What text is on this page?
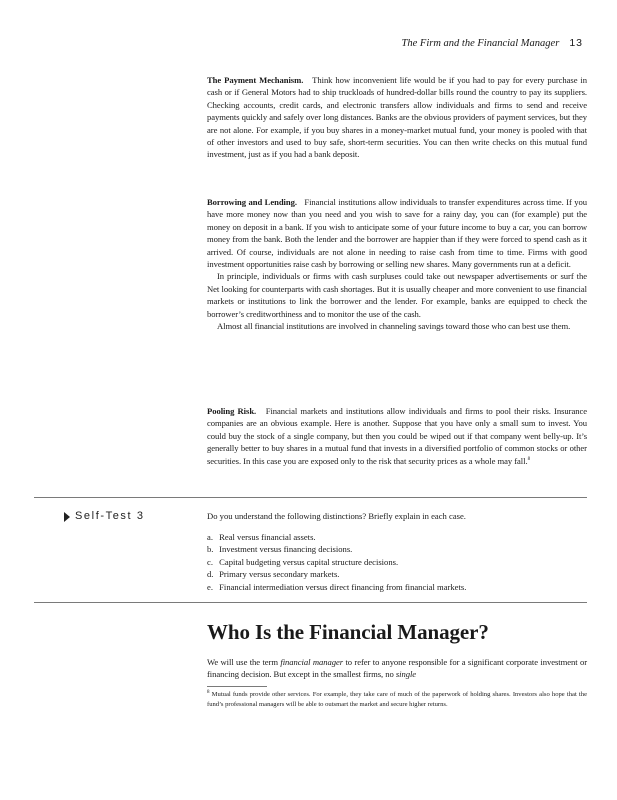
The Firm and the Financial Manager 13

The Payment Mechanism. Think how inconvenient life would be if you had to pay for every purchase in cash or if General Motors had to ship truckloads of hundred-dollar bills round the country to pay its suppliers. Checking accounts, credit cards, and electronic transfers allow individuals and firms to send and receive payments quickly and safely over long distances. Banks are the obvious providers of payment services, but they are not alone. For example, if you buy shares in a money-market mutual fund, your money is pooled with that of other investors and used to buy safe, short-term securities. You can then write checks on this mutual fund investment, just as if you had a bank deposit.

Borrowing and Lending. Financial institutions allow individuals to transfer expenditures across time. If you have more money now than you need and you wish to save for a rainy day, you can (for example) put the money on deposit in a bank. If you wish to anticipate some of your future income to buy a car, you can borrow money from the bank. Both the lender and the borrower are happier than if they were forced to spend cash as it arrived. Of course, individuals are not alone in needing to raise cash from time to time. Firms with good investment opportunities raise cash by borrowing or selling new shares. Many governments run at a deficit.

In principle, individuals or firms with cash surpluses could take out newspaper advertisements or surf the Net looking for counterparts with cash shortages. But it is usually cheaper and more convenient to use financial markets or institutions to link the borrower and the lender. For example, banks are equipped to check the borrower’s creditworthiness and to monitor the use of the cash.

Almost all financial institutions are involved in channeling savings toward those who can best use them.

Pooling Risk. Financial markets and institutions allow individuals and firms to pool their risks. Insurance companies are an obvious example. Here is another. Suppose that you have only a small sum to invest. You could buy the stock of a single company, but then you could be wiped out if that company went belly-up. It’s generally better to buy shares in a mutual fund that invests in a diversified portfolio of common stocks or other securities. In this case you are exposed only to the risk that security prices as a whole may fall.$^8$

Self-Test 3	Do you understand the following distinctions? Briefly explain in each case.
a. Real versus financial assets.
b. Investment versus financing decisions.
c. Capital budgeting versus capital structure decisions.
d. Primary versus secondary markets.
e. Financial intermediation versus direct financing from financial markets.
Who Is the Financial Manager?

We will use the term financial manager to refer to anyone responsible for a significant corporate investment or financing decision. But except in the smallest firms, no single

$^8$ Mutual funds provide other services. For example, they take care of much of the paperwork of holding shares. Investors also hope that the fund’s professional managers will be able to outsmart the market and secure higher returns.
